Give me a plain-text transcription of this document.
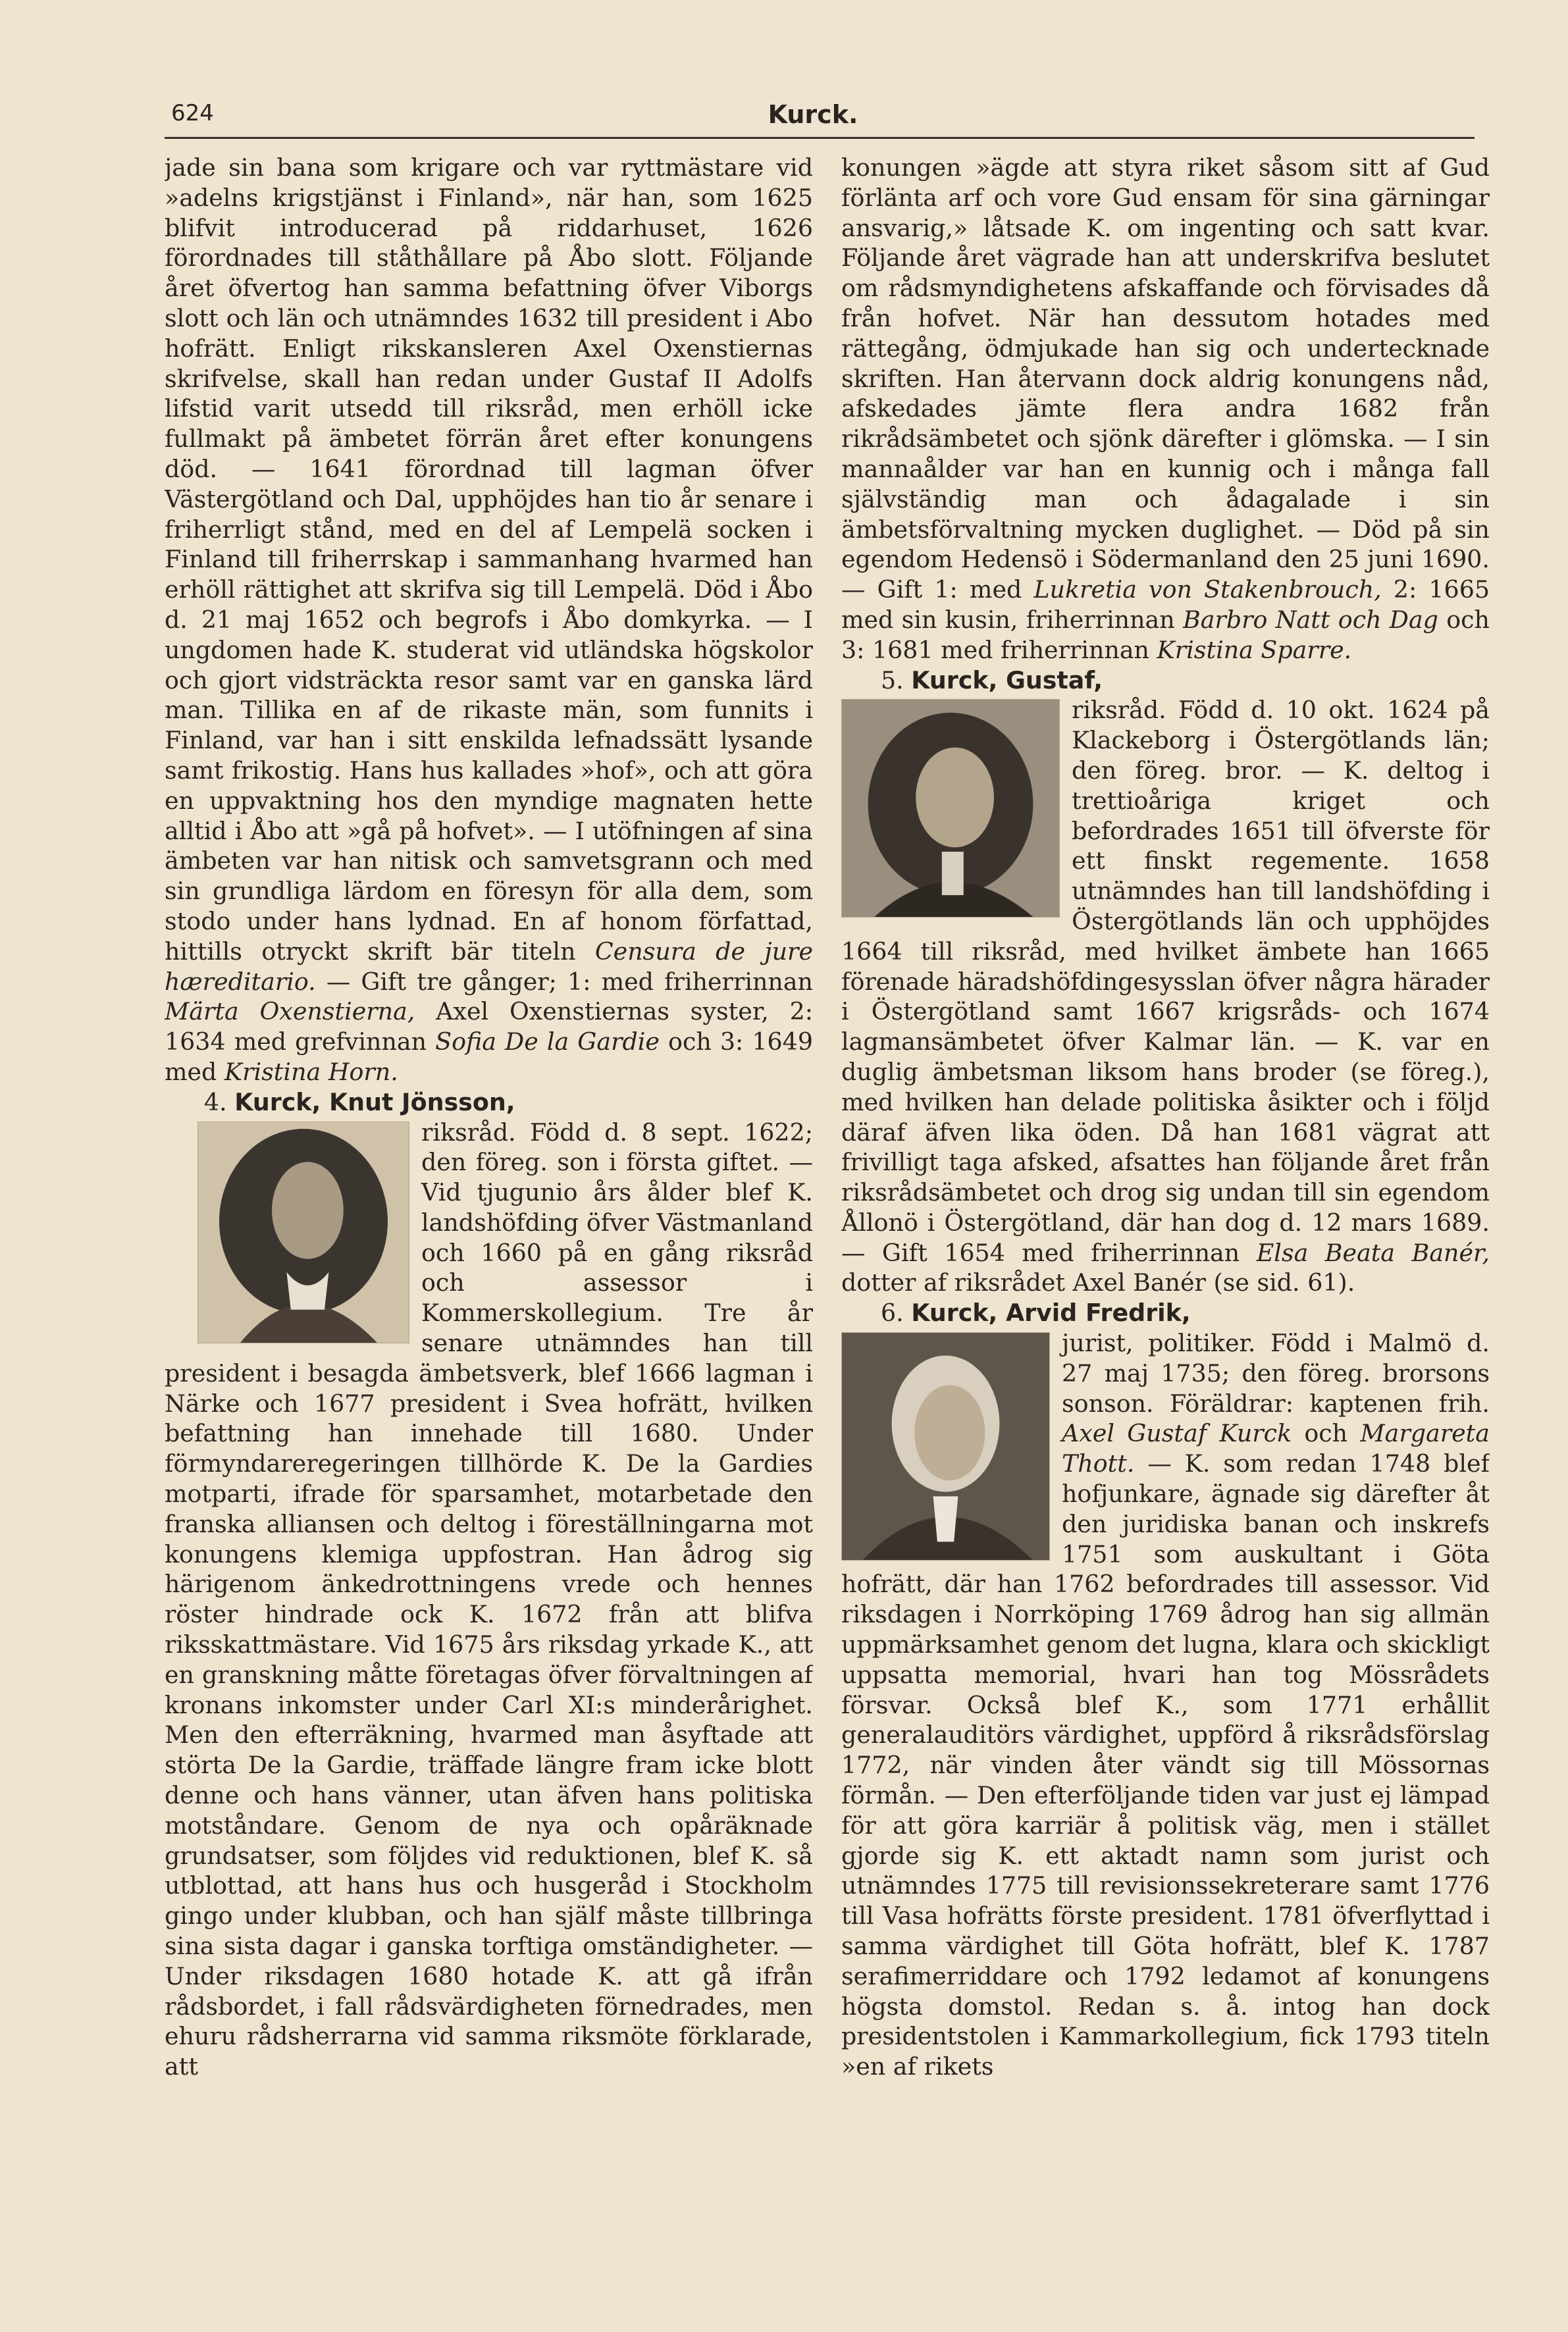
624	Kurck.

jade sin bana som krigare och var ryttmästare vid »adelns krigstjänst i Finland», när han, som 1625 blifvit introducerad på riddarhuset, 1626 förordnades till ståthållare på Åbo slott. Följande året öfvertog han samma befattning öfver Viborgs slott och län och utnämndes 1632 till president i Abo hofrätt. Enligt rikskansleren Axel Oxenstiernas skrifvelse, skall han redan under Gustaf II Adolfs lifstid varit utsedd till riksråd, men erhöll icke fullmakt på ämbetet förrän året efter konungens död. — 1641 förordnad till lagman öfver Västergötland och Dal, upphöjdes han tio år senare i friherrligt stånd, med en del af Lempelä socken i Finland till friherrskap i sammanhang hvarmed han erhöll rättighet att skrifva sig till Lempelä. Död i Åbo d. 21 maj 1652 och begrofs i Åbo domkyrka. — I ungdomen hade K. studerat vid utländska högskolor och gjort vidsträckta resor samt var en ganska lärd man. Tillika en af de rikaste män, som funnits i Finland, var han i sitt enskilda lefnadssätt lysande samt frikostig. Hans hus kallades »hof», och att göra en uppvaktning hos den myndige magnaten hette alltid i Åbo att »gå på hofvet». — I utöfningen af sina ämbeten var han nitisk och samvetsgrann och med sin grundliga lärdom en föresyn för alla dem, som stodo under hans lydnad. En af honom författad, hittills otryckt skrift bär titeln Censura de jure hæreditario. — Gift tre gånger; 1: med friherrinnan Märta Oxenstierna, Axel Oxenstiernas syster, 2: 1634 med grefvinnan Sofia De la Gardie och 3: 1649 med Kristina Horn.

4. Kurck, Knut Jönsson,

riksråd. Född d. 8 sept. 1622; den föreg. son i första giftet. — Vid tjugunio års ålder blef K. landshöfding öfver Västmanland och 1660 på en gång riksråd och assessor i Kommerskollegium. Tre år senare utnämndes han till president i besagda ämbetsverk, blef 1666 lagman i Närke och 1677 president i Svea hofrätt, hvilken befattning han innehade till 1680. Under förmyndareregeringen tillhörde K. De la Gardies motparti, ifrade för sparsamhet, motarbetade den franska alliansen och deltog i föreställningarna mot konungens klemiga uppfostran. Han ådrog sig härigenom änkedrottningens vrede och hennes röster hindrade ock K. 1672 från att blifva riksskattmästare. Vid 1675 års riksdag yrkade K., att en granskning måtte företagas öfver förvaltningen af kronans inkomster under Carl XI:s minderårighet. Men den efterräkning, hvarmed man åsyftade att störta De la Gardie, träffade längre fram icke blott denne och hans vänner, utan äfven hans politiska motståndare. Genom de nya och opåräknade grundsatser, som följdes vid reduktionen, blef K. så utblottad, att hans hus och husgeråd i Stockholm gingo under klubban, och han själf måste tillbringa sina sista dagar i ganska torftiga omständigheter. — Under riksdagen 1680 hotade K. att gå ifrån rådsbordet, i fall rådsvärdigheten förnedrades, men ehuru rådsherrarna vid samma riksmöte förklarade, att

konungen »ägde att styra riket såsom sitt af Gud förlänta arf och vore Gud ensam för sina gärningar ansvarig,» låtsade K. om ingenting och satt kvar. Följande året vägrade han att underskrifva beslutet om rådsmyndighetens afskaffande och förvisades då från hofvet. När han dessutom hotades med rättegång, ödmjukade han sig och undertecknade skriften. Han återvann dock aldrig konungens nåd, afskedades jämte flera andra 1682 från rikrådsämbetet och sjönk därefter i glömska. — I sin mannaålder var han en kunnig och i många fall självständig man och ådagalade i sin ämbetsförvaltning mycken duglighet. — Död på sin egendom Hedensö i Södermanland den 25 juni 1690. — Gift 1: med Lukretia von Stakenbrouch, 2: 1665 med sin kusin, friherrinnan Barbro Natt och Dag och 3: 1681 med friherrinnan Kristina Sparre.

5. Kurck, Gustaf,

riksråd. Född d. 10 okt. 1624 på Klackeborg i Östergötlands län; den föreg. bror. — K. deltog i trettioåriga kriget och befordrades 1651 till öfverste för ett finskt regemente. 1658 utnämndes han till landshöfding i Östergötlands län och upphöjdes 1664 till riksråd, med hvilket ämbete han 1665 förenade häradshöfdingesysslan öfver några härader i Östergötland samt 1667 krigsråds- och 1674 lagmansämbetet öfver Kalmar län. — K. var en duglig ämbetsman liksom hans broder (se föreg.), med hvilken han delade politiska åsikter och i följd däraf äfven lika öden. Då han 1681 vägrat att frivilligt taga afsked, afsattes han följande året från riksrådsämbetet och drog sig undan till sin egendom Ållonö i Östergötland, där han dog d. 12 mars 1689. — Gift 1654 med friherrinnan Elsa Beata Banér, dotter af riksrådet Axel Banér (se sid. 61).

6. Kurck, Arvid Fredrik,

jurist, politiker. Född i Malmö d. 27 maj 1735; den föreg. brorsons sonson. Föräldrar: kaptenen frih. Axel Gustaf Kurck och Margareta Thott. — K. som redan 1748 blef hofjunkare, ägnade sig därefter åt den juridiska banan och inskrefs 1751 som auskultant i Göta hofrätt, där han 1762 befordrades till assessor. Vid riksdagen i Norrköping 1769 ådrog han sig allmän uppmärksamhet genom det lugna, klara och skickligt uppsatta memorial, hvari han tog Mössrådets försvar. Också blef K., som 1771 erhållit generalauditörs värdighet, uppförd å riksrådsförslag 1772, när vinden åter vändt sig till Mössornas förmån. — Den efterföljande tiden var just ej lämpad för att göra karriär å politisk väg, men i stället gjorde sig K. ett aktadt namn som jurist och utnämndes 1775 till revisionssekreterare samt 1776 till Vasa hofrätts förste president. 1781 öfverflyttad i samma värdighet till Göta hofrätt, blef K. 1787 serafimerriddare och 1792 ledamot af konungens högsta domstol. Redan s. å. intog han dock presidentstolen i Kammarkollegium, fick 1793 titeln »en af rikets
